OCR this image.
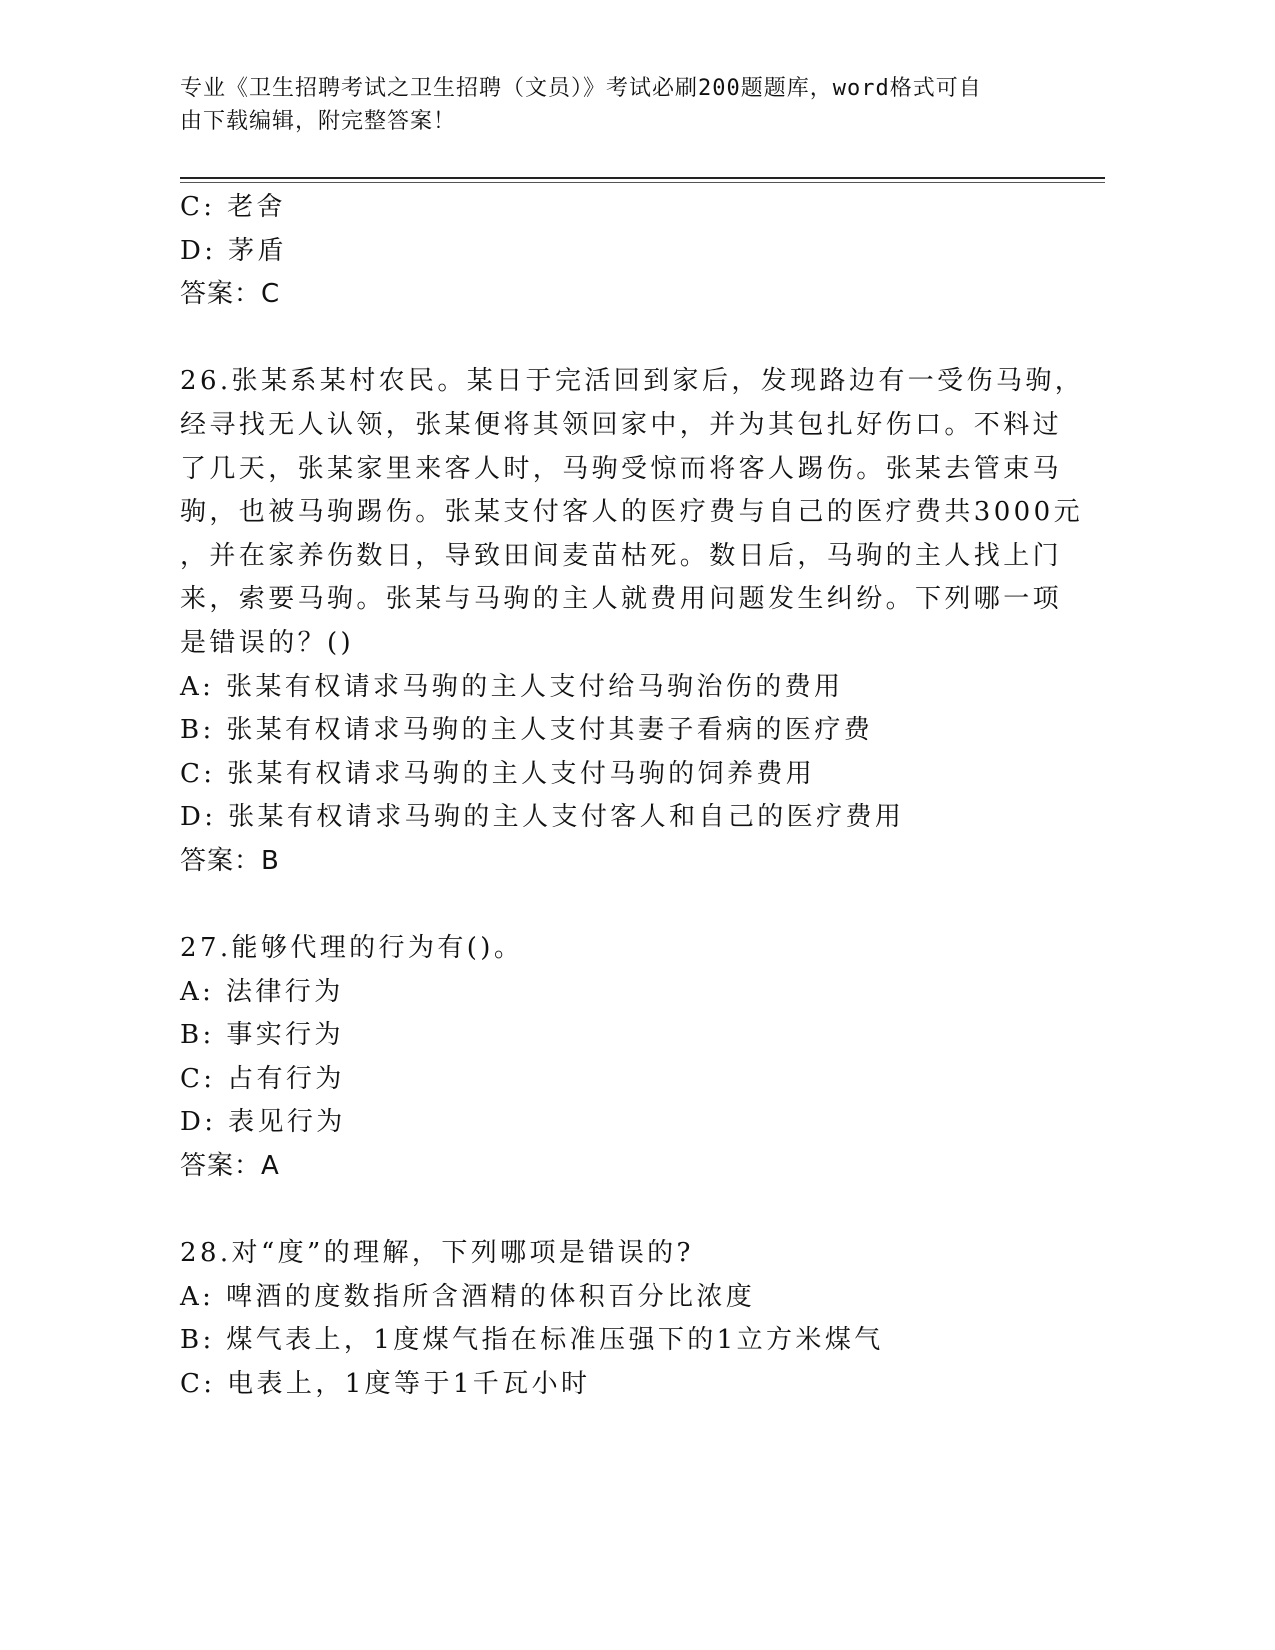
专业《卫生招聘考试之卫生招聘（文员）》考试必刷200题题库，word格式可自
由下载编辑，附完整答案！
C: 老舍
D: 茅盾
答案：C
26.张某系某村农民。某日于完活回到家后，发现路边有一受伤马驹，
经寻找无人认领，张某便将其领回家中，并为其包扎好伤口。不料过
了几天，张某家里来客人时，马驹受惊而将客人踢伤。张某去管束马
驹，也被马驹踢伤。张某支付客人的医疗费与自己的医疗费共3000元
，并在家养伤数日，导致田间麦苗枯死。数日后，马驹的主人找上门
来，索要马驹。张某与马驹的主人就费用问题发生纠纷。下列哪一项
是错误的？()
A: 张某有权请求马驹的主人支付给马驹治伤的费用
B: 张某有权请求马驹的主人支付其妻子看病的医疗费
C: 张某有权请求马驹的主人支付马驹的饲养费用
D: 张某有权请求马驹的主人支付客人和自己的医疗费用
答案：B
27.能够代理的行为有()。
A: 法律行为
B: 事实行为
C: 占有行为
D: 表见行为
答案：A
28.对“度”的理解，下列哪项是错误的?
A: 啤酒的度数指所含酒精的体积百分比浓度
B: 煤气表上，1度煤气指在标准压强下的1立方米煤气
C: 电表上，1度等于1千瓦小时
